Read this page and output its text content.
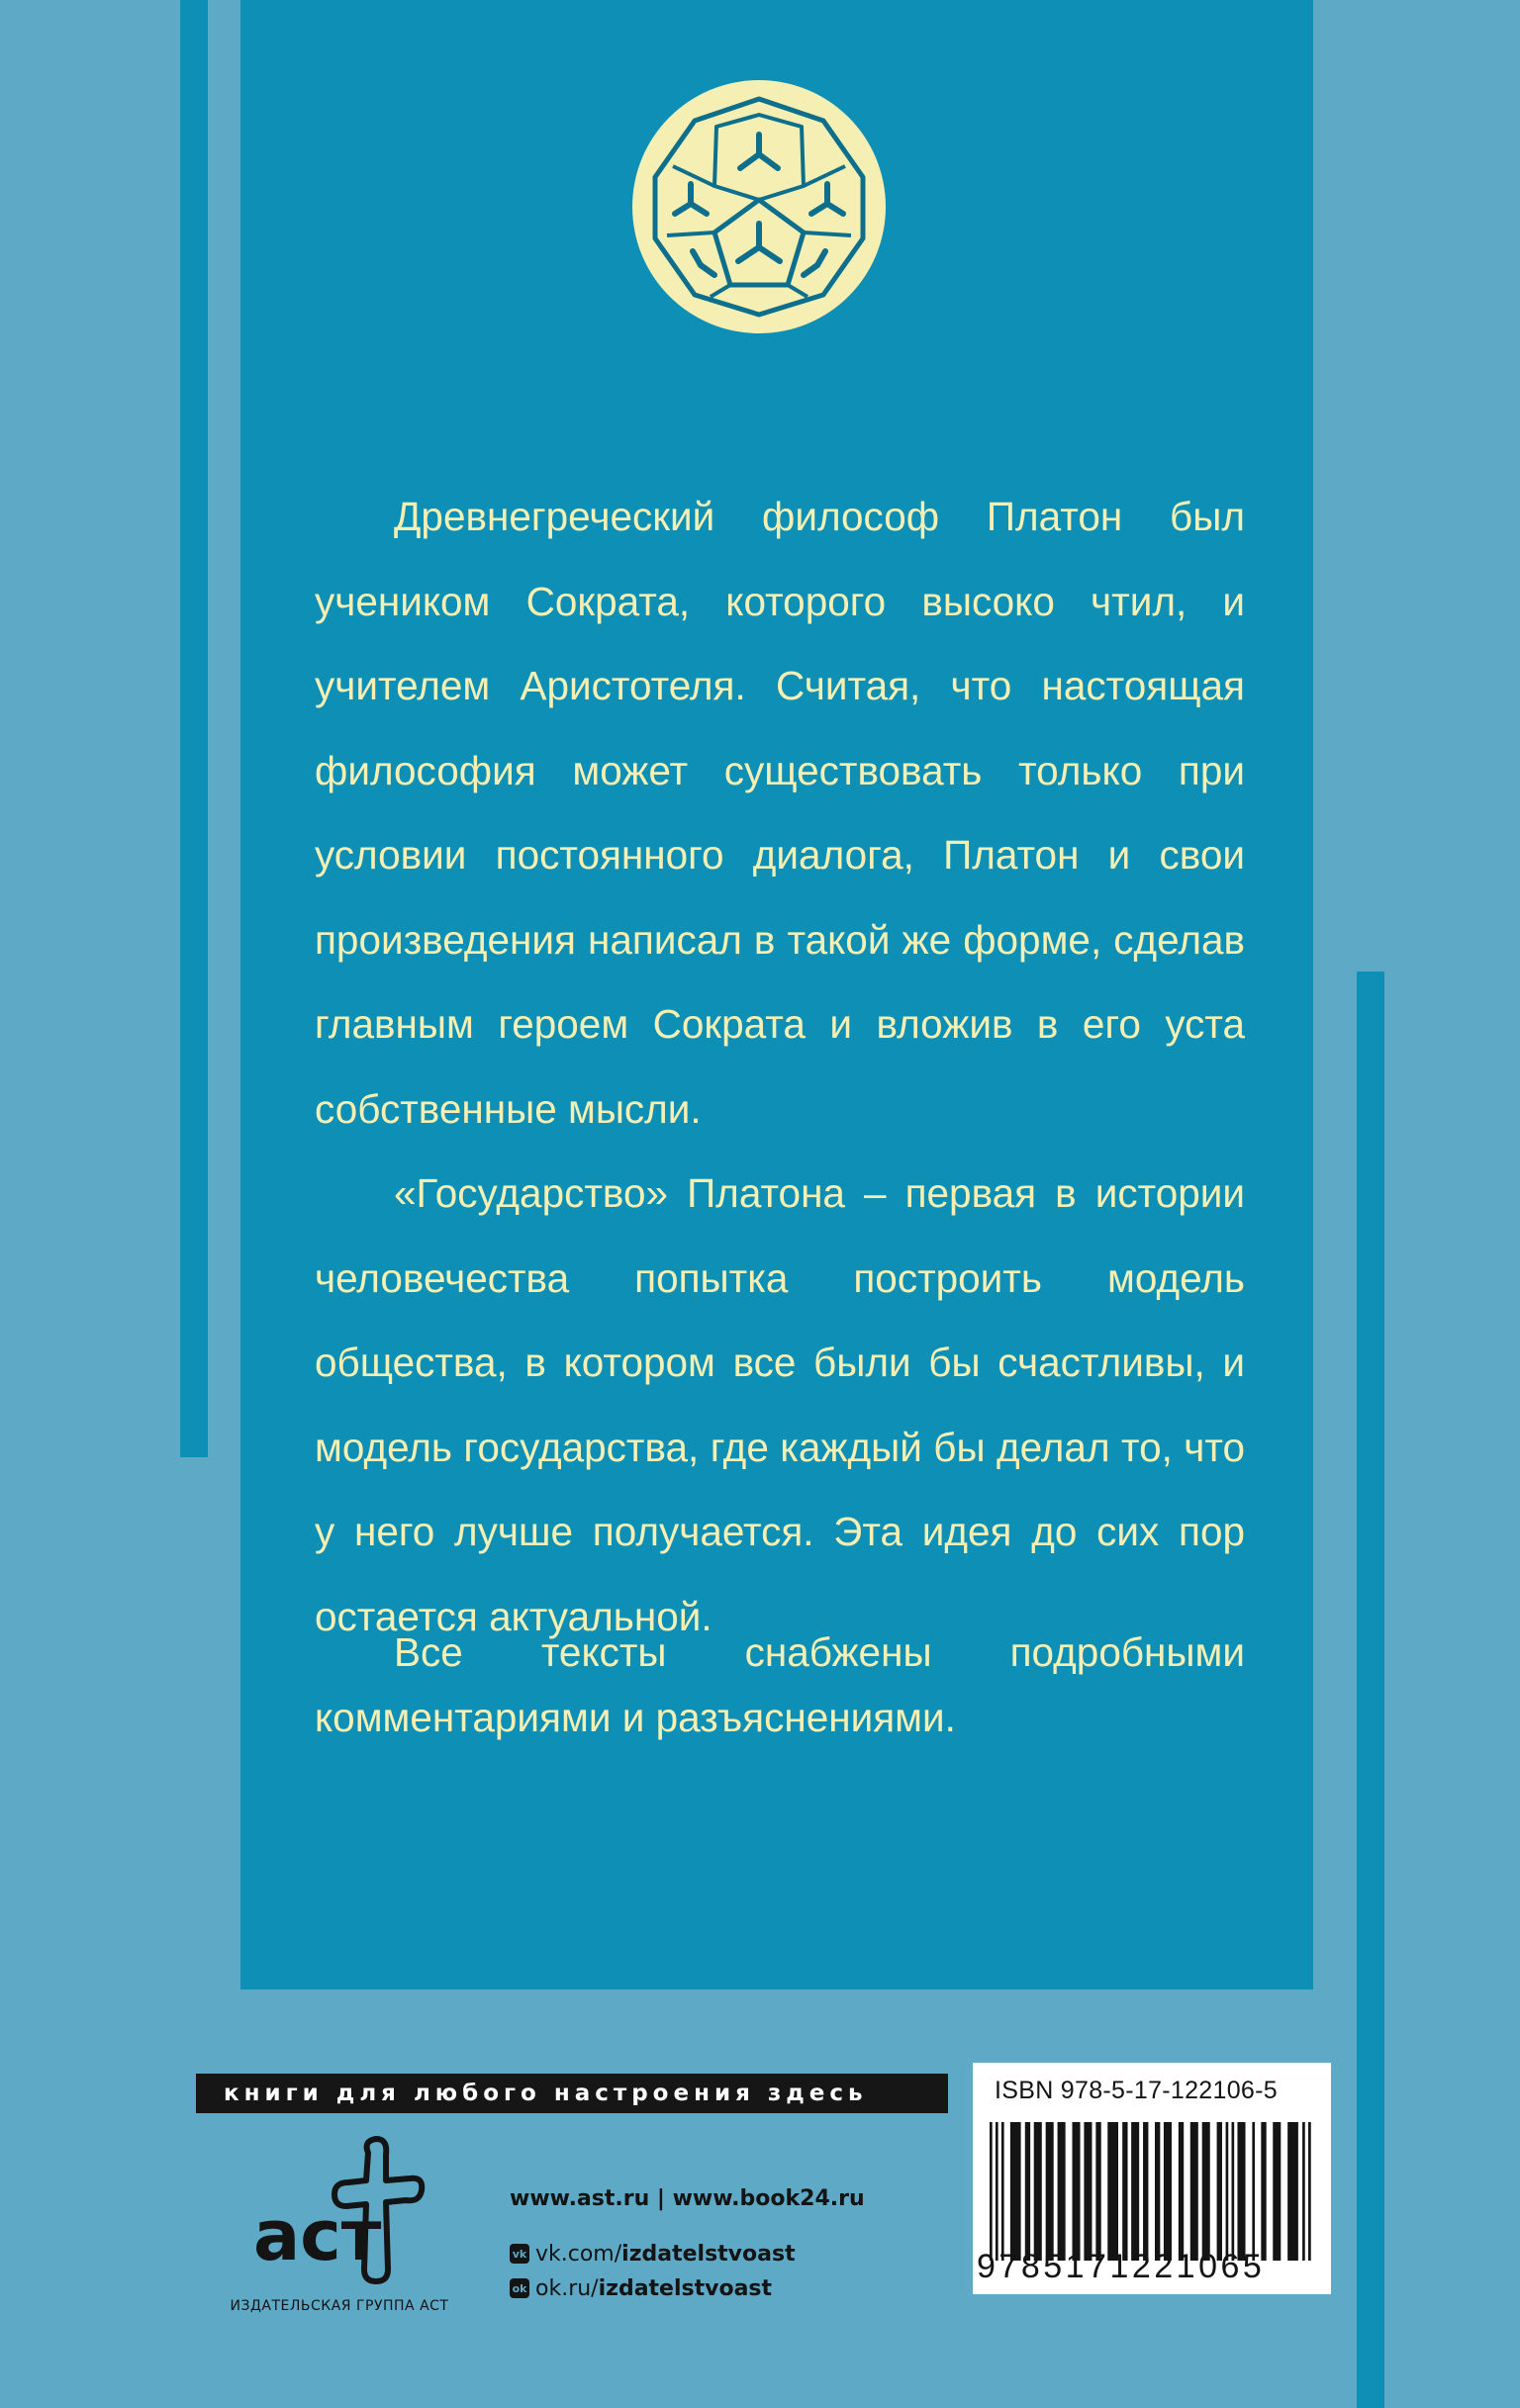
Древнегреческий философ Платон был учеником Сократа, которого высоко чтил, и учителем Аристотеля. Считая, что настоящая философия может существовать только при условии постоянного диалога, Платон и свои произведения написал в такой же форме, сделав главным героем Сократа и вложив в его уста собственные мысли.

«Государство» Платона – первая в истории человечества попытка построить модель общества, в котором все были бы счастливы, и модель государства, где каждый бы делал то, что у него лучше получается. Эта идея до сих пор остается актуальной.

Все тексты снабжены подробными комментариями и разъяснениями.

книги для любого настроения здесь
аст
ИЗДАТЕЛЬСКАЯ ГРУППА АСТ
www.ast.ru | www.book24.ru
vk vk.com/ izdatelstvoast
ok ok.ru/ izdatelstvoast
ISBN 978-5-17-122106-5
9785171221065
